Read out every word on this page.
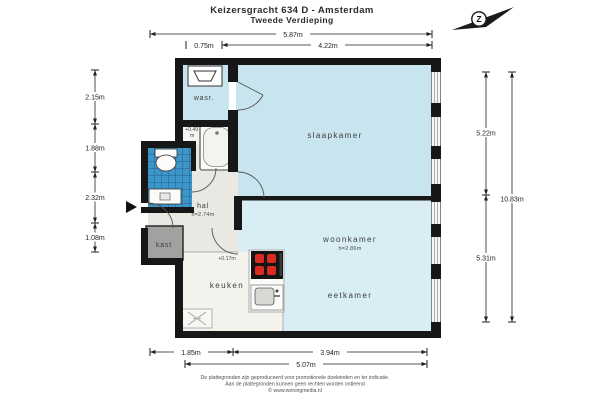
Keizersgracht 634 D - Amsterdam
Tweede Verdieping	Z
wasr.
slaapkamer
hal
h=2.74m
kast
keuken
woonkamer
h=2.86m
eetkamer
+0.49
m
+0.17m
5.87m
0.75m	4.22m
2.15m
1.88m
2.32m
1.08m
5.22m
5.31m
10.83m
1.85m	3.94m
5.07m
De plattegronden zijn geproduceerd voor promotionele doeleinden en ter indicatie.
Aan de plattegronden kunnen geen rechten worden ontleend
© www.woningmedia.nl
